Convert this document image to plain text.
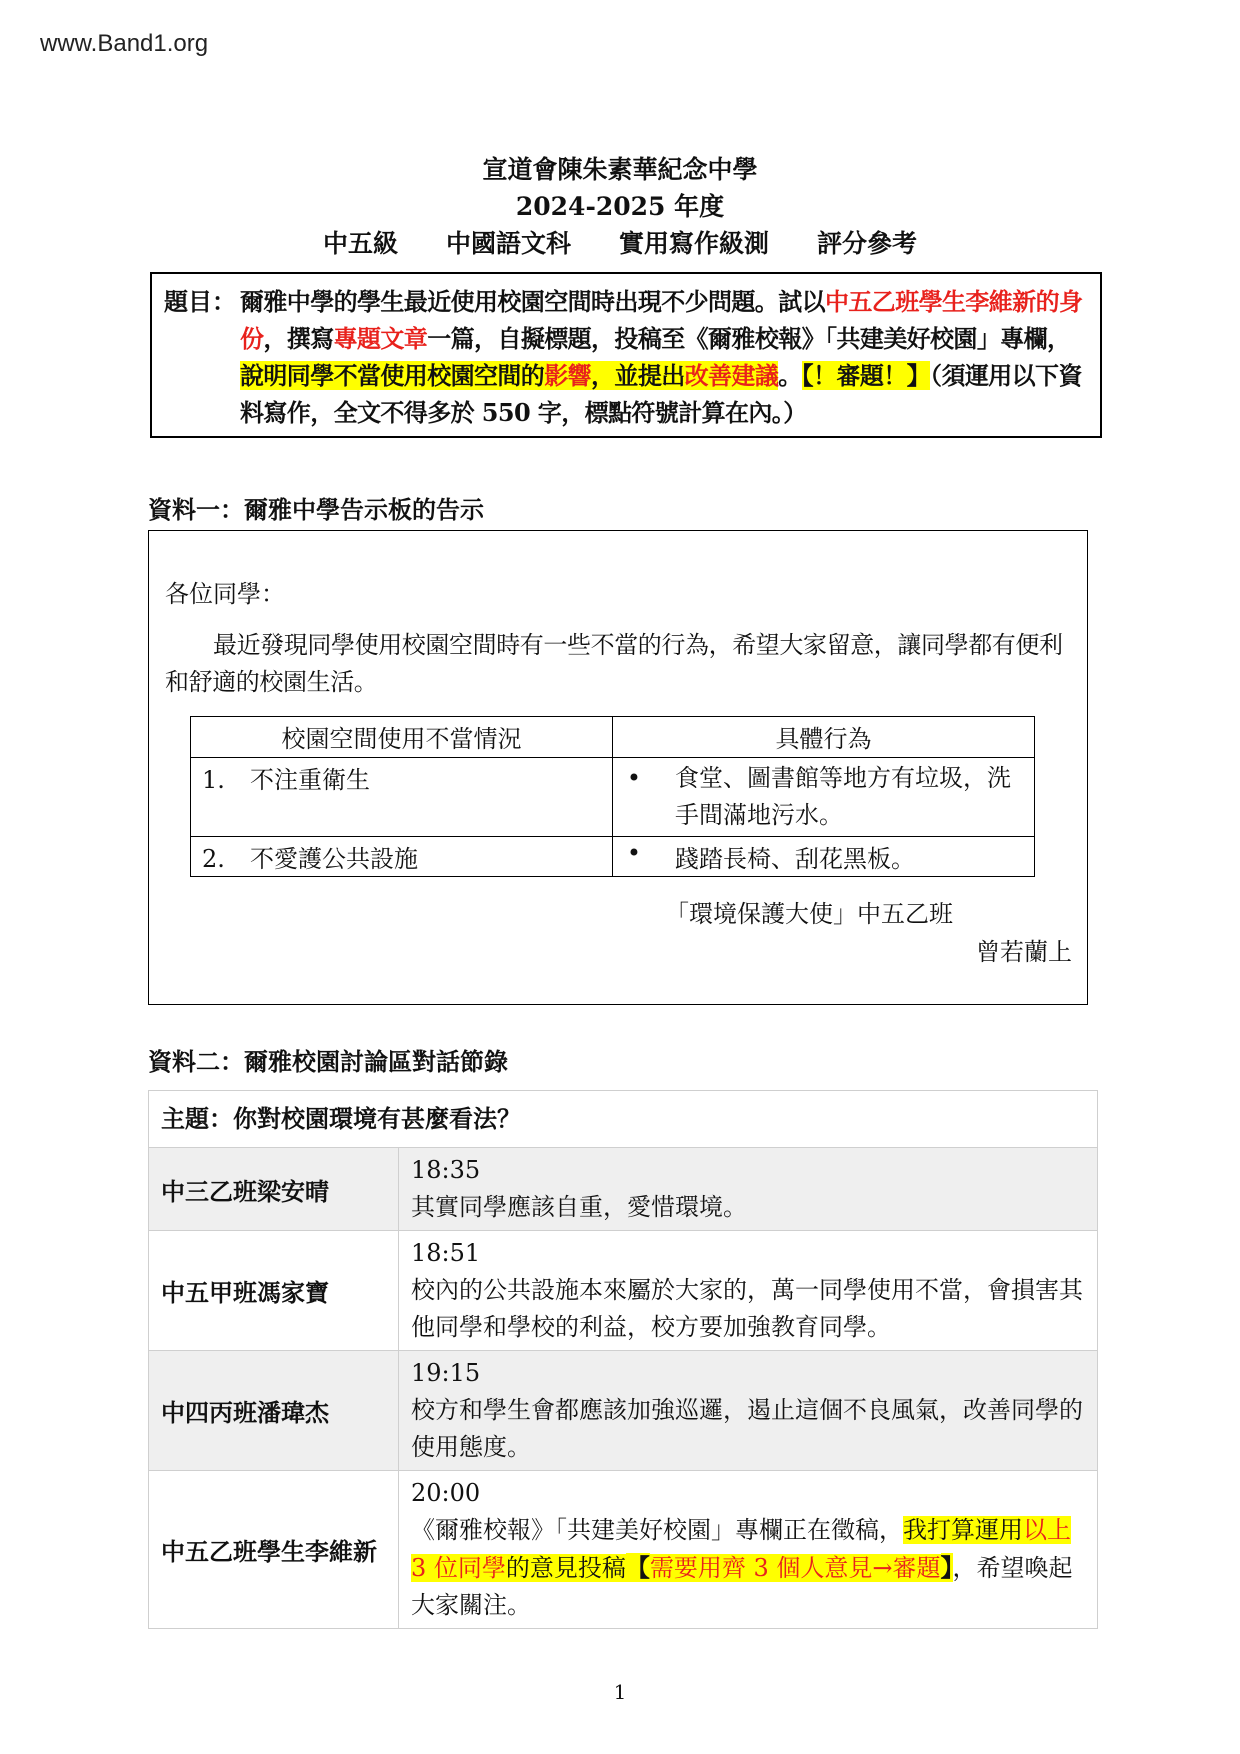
www.Band1.org
宣道會陳朱素華紀念中學
2024-2025 年度
中五級 中國語文科 實用寫作級測 評分參考
題目： 爾雅中學的學生最近使用校園空間時出現不少問題。試以中五乙班學生李維新的身份，撰寫專題文章一篇，自擬標題，投稿至《爾雅校報》「共建美好校園」專欄，說明同學不當使用校園空間的影響，並提出改善建議。【！審題！】（須運用以下資料寫作，全文不得多於 550 字，標點符號計算在內。）
資料一：爾雅中學告示板的告示
各位同學：
最近發現同學使用校園空間時有一些不當的行為，希望大家留意，讓同學都有便利和舒適的校園生活。
校園空間使用不當情況	具體行為
1. 不注重衛生	• 食堂、圖書館等地方有垃圾，洗手間滿地污水。

2. 不愛護公共設施	• 踐踏長椅、刮花黑板。
「環境保護大使」中五乙班
曾若蘭上
資料二：爾雅校園討論區對話節錄
主題：你對校園環境有甚麼看法？
中三乙班梁安晴
18:35
其實同學應該自重，愛惜環境。
中五甲班馮家寶
18:51
校內的公共設施本來屬於大家的，萬一同學使用不當，會損害其他同學和學校的利益，校方要加強教育同學。
中四丙班潘瑋杰
19:15
校方和學生會都應該加強巡邏，遏止這個不良風氣，改善同學的使用態度。
中五乙班學生李維新
20:00
《爾雅校報》「共建美好校園」專欄正在徵稿，我打算運用以上 3 位同學的意見投稿【需要用齊 3 個人意見→審題】，希望喚起大家關注。
1
